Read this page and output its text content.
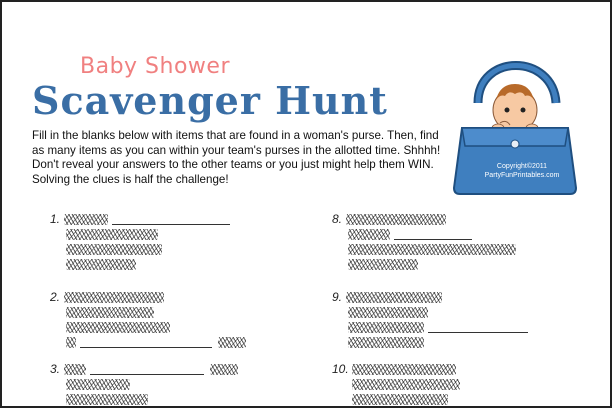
Baby Shower
Scavenger Hunt
Fill in the blanks below with items that are found in a woman's purse. Then, find as many items as you can within your team's purses in the allotted time. Shhhh! Don't reveal your answers to the other teams or you just might help them WIN. Solving the clues is half the challenge!
Copyright©2011
PartyFunPrintables.com
1.
2.
3.
8.
9.
10.
